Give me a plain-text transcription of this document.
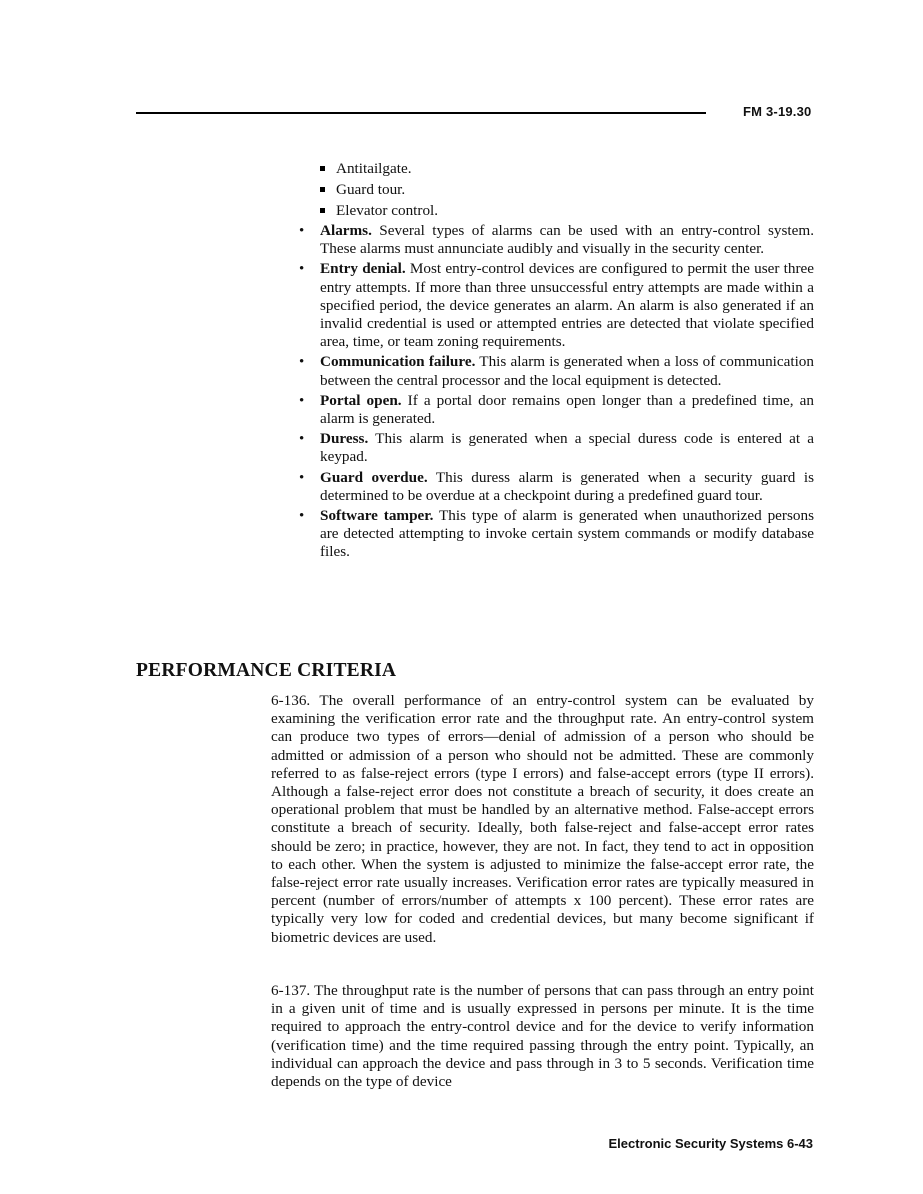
FM 3-19.30
Antitailgate.
Guard tour.
Elevator control.
• Alarms. Several types of alarms can be used with an entry-control system. These alarms must annunciate audibly and visually in the security center.
• Entry denial. Most entry-control devices are configured to permit the user three entry attempts. If more than three unsuccessful entry attempts are made within a specified period, the device generates an alarm. An alarm is also generated if an invalid credential is used or attempted entries are detected that violate specified area, time, or team zoning requirements.
• Communication failure. This alarm is generated when a loss of communication between the central processor and the local equipment is detected.
• Portal open. If a portal door remains open longer than a predefined time, an alarm is generated.
• Duress. This alarm is generated when a special duress code is entered at a keypad.
• Guard overdue. This duress alarm is generated when a security guard is determined to be overdue at a checkpoint during a predefined guard tour.
• Software tamper. This type of alarm is generated when unauthorized persons are detected attempting to invoke certain system commands or modify database files.
PERFORMANCE CRITERIA

6-136. The overall performance of an entry-control system can be evaluated by examining the verification error rate and the throughput rate. An entry-control system can produce two types of errors—denial of admission of a person who should be admitted or admission of a person who should not be admitted. These are commonly referred to as false-reject errors (type I errors) and false-accept errors (type II errors). Although a false-reject error does not constitute a breach of security, it does create an operational problem that must be handled by an alternative method. False-accept errors constitute a breach of security. Ideally, both false-reject and false-accept error rates should be zero; in practice, however, they are not. In fact, they tend to act in opposition to each other. When the system is adjusted to minimize the false-accept error rate, the false-reject error rate usually increases. Verification error rates are typically measured in percent (number of errors/number of attempts x 100 percent). These error rates are typically very low for coded and credential devices, but many become significant if biometric devices are used.

6-137. The throughput rate is the number of persons that can pass through an entry point in a given unit of time and is usually expressed in persons per minute. It is the time required to approach the entry-control device and for the device to verify information (verification time) and the time required passing through the entry point. Typically, an individual can approach the device and pass through in 3 to 5 seconds. Verification time depends on the type of device

Electronic Security Systems 6-43
